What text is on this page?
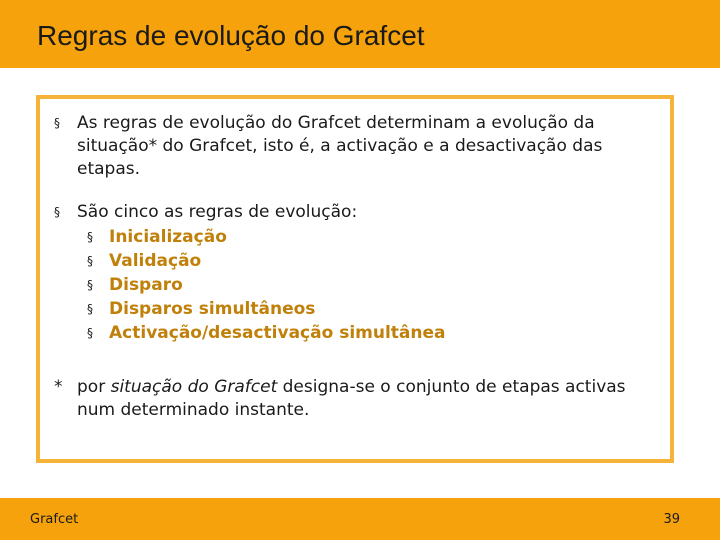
Regras de evolução do Grafcet
§ As regras de evolução do Grafcet determinam a evolução da situação* do Grafcet, isto é, a activação e a desactivação das etapas.
§ São cinco as regras de evolução:
§ Inicialização
§ Validação
§ Disparo
§ Disparos simultâneos
§ Activação/desactivação simultânea
* por situação do Grafcet designa-se o conjunto de etapas activas num determinado instante.
Grafcet	39
